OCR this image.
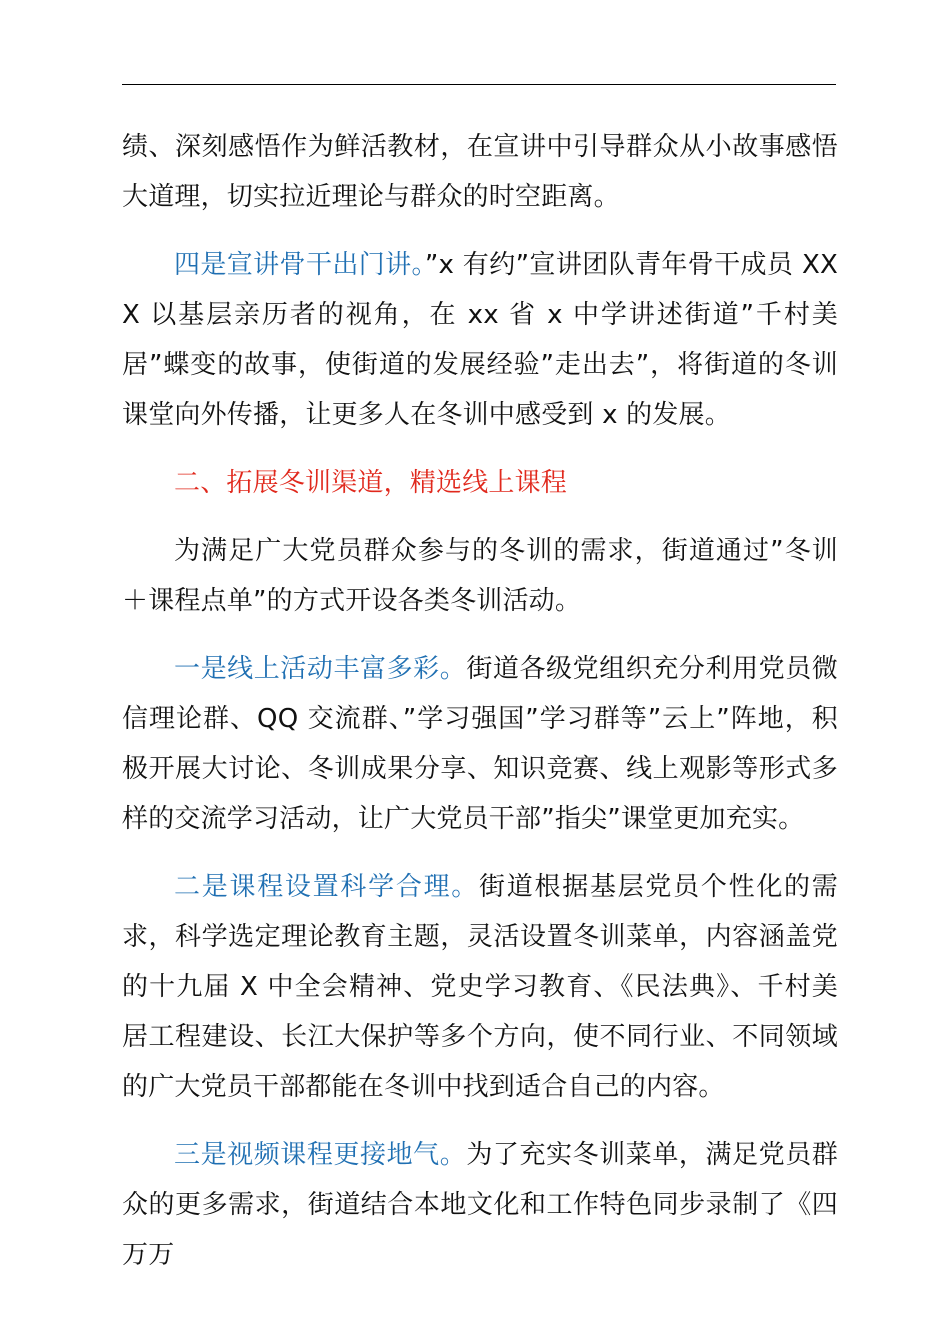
绩、深刻感悟作为鲜活教材，在宣讲中引导群众从小故事感悟大道理，切实拉近理论与群众的时空距离。

四是宣讲骨干出门讲。”x 有约”宣讲团队青年骨干成员 XXX 以基层亲历者的视角，在 xx 省 x 中学讲述街道”千村美居”蝶变的故事，使街道的发展经验”走出去”，将街道的冬训课堂向外传播，让更多人在冬训中感受到 x 的发展。

二、拓展冬训渠道，精选线上课程

为满足广大党员群众参与的冬训的需求，街道通过”冬训＋课程点单”的方式开设各类冬训活动。

一是线上活动丰富多彩。街道各级党组织充分利用党员微信理论群、QQ 交流群、”学习强国”学习群等”云上”阵地，积极开展大讨论、冬训成果分享、知识竞赛、线上观影等形式多样的交流学习活动，让广大党员干部”指尖”课堂更加充实。

二是课程设置科学合理。街道根据基层党员个性化的需求，科学选定理论教育主题，灵活设置冬训菜单，内容涵盖党的十九届 X 中全会精神、党史学习教育、《民法典》、千村美居工程建设、长江大保护等多个方向，使不同行业、不同领域的广大党员干部都能在冬训中找到适合自己的内容。

三是视频课程更接地气。为了充实冬训菜单，满足党员群众的更多需求，街道结合本地文化和工作特色同步录制了《四万万
